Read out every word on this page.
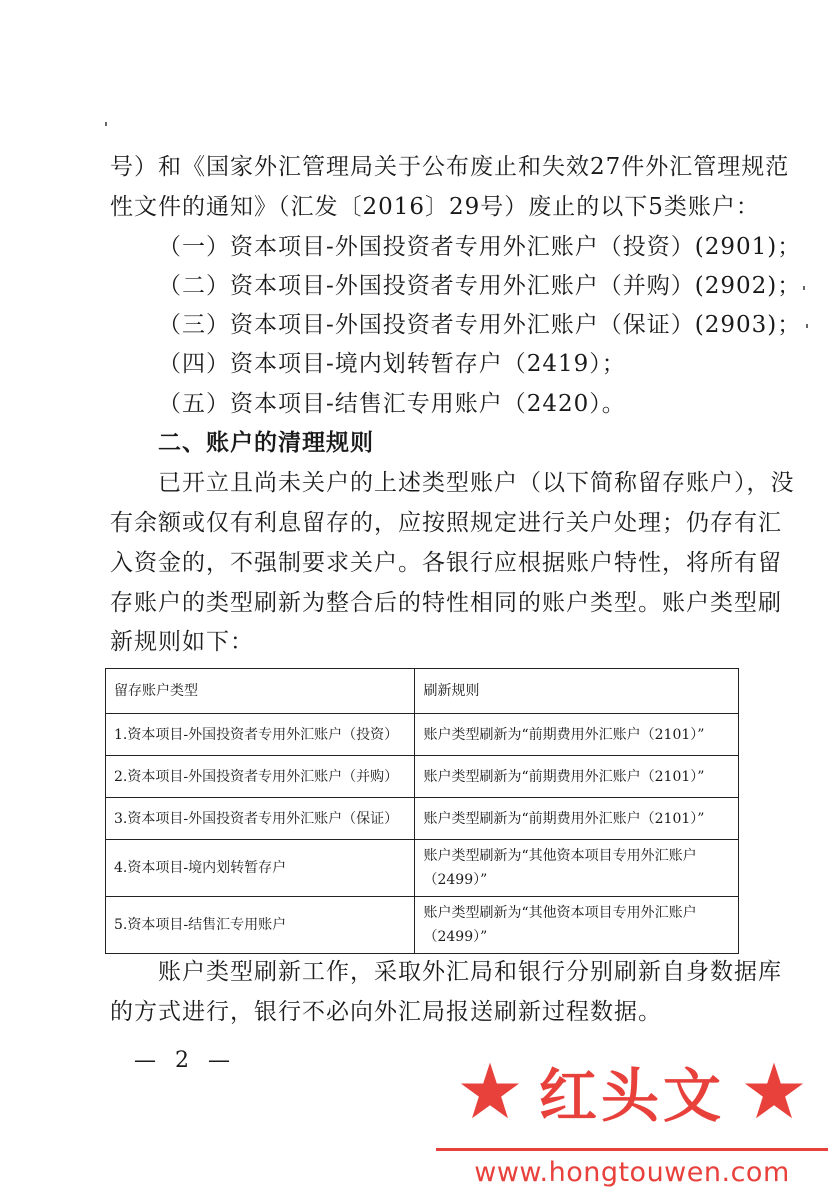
号）和《国家外汇管理局关于公布废止和失效27件外汇管理规范
性文件的通知》（汇发〔2016〕29号）废止的以下5类账户：
（一）资本项目-外国投资者专用外汇账户（投资）(2901)；
（二）资本项目-外国投资者专用外汇账户（并购）(2902)；
（三）资本项目-外国投资者专用外汇账户（保证）(2903)；
（四）资本项目-境内划转暂存户（2419）；
（五）资本项目-结售汇专用账户（2420）。
二、账户的清理规则
已开立且尚未关户的上述类型账户（以下简称留存账户），没
有余额或仅有利息留存的，应按照规定进行关户处理；仍存有汇
入资金的，不强制要求关户。各银行应根据账户特性，将所有留
存账户的类型刷新为整合后的特性相同的账户类型。账户类型刷
新规则如下：
留存账户类型	刷新规则
1.资本项目-外国投资者专用外汇账户（投资）	账户类型刷新为“前期费用外汇账户（2101）”
2.资本项目-外国投资者专用外汇账户（并购）	账户类型刷新为“前期费用外汇账户（2101）”
3.资本项目-外国投资者专用外汇账户（保证）	账户类型刷新为“前期费用外汇账户（2101）”
4.资本项目-境内划转暂存户	账户类型刷新为“其他资本项目专用外汇账户
（2499）”

5.资本项目-结售汇专用账户	账户类型刷新为“其他资本项目专用外汇账户
（2499）”
账户类型刷新工作，采取外汇局和银行分别刷新自身数据库
的方式进行，银行不必向外汇局报送刷新过程数据。
— 2 —
红头文
www.hongtouwen.com
